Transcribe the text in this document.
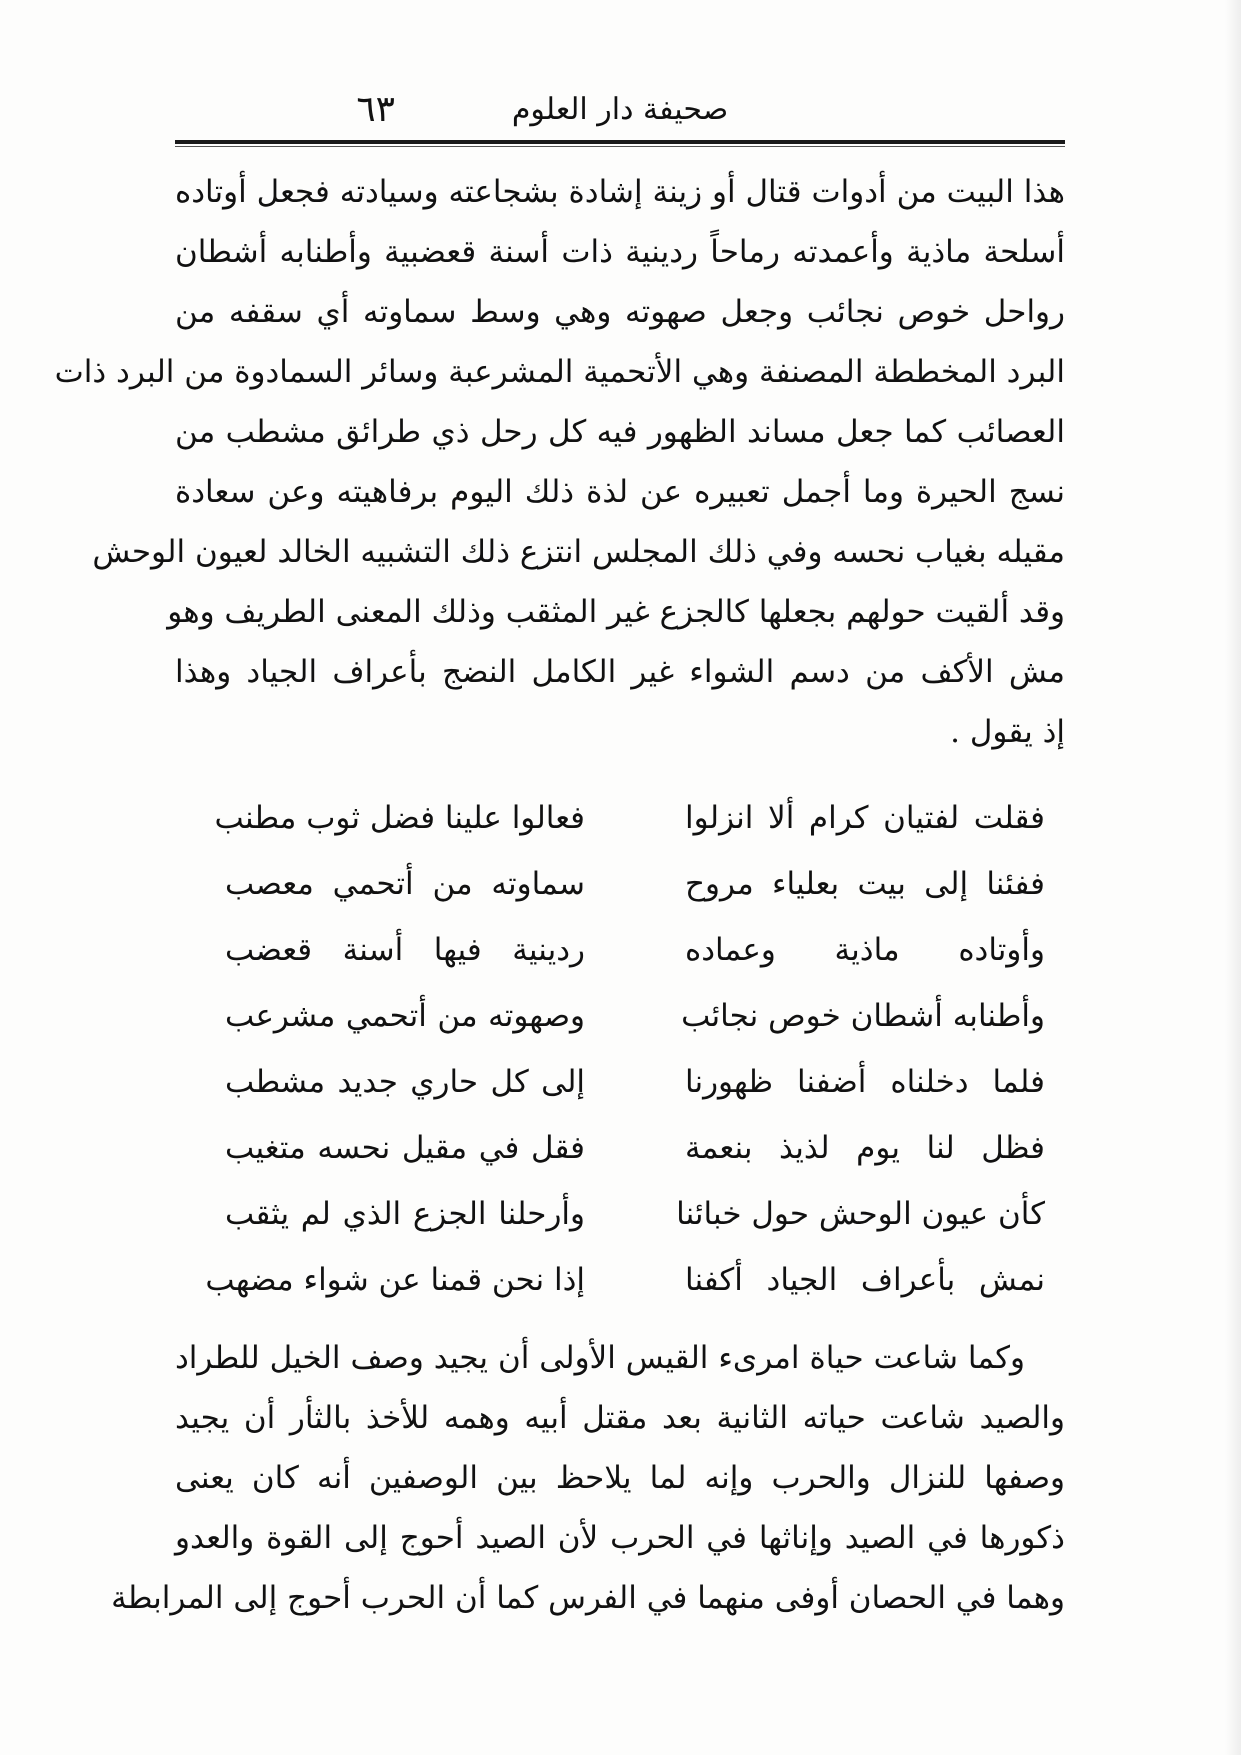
صحيفة دار العلوم
٦٣
هذا البيت من أدوات قتال أو زينة إشادة بشجاعته وسيادته فجعل أوتاده
أسلحة ماذية وأعمدته رماحاً ردينية ذات أسنة قعضبية وأطنابه أشطان
رواحل خوص نجائب وجعل صهوته وهي وسط سماوته أي سقفه من
البرد المخططة المصنفة وهي الأتحمية المشرعبة وسائر السمادوة من البرد ذات
العصائب كما جعل مساند الظهور فيه كل رحل ذي طرائق مشطب من
نسج الحيرة وما أجمل تعبيره عن لذة ذلك اليوم برفاهيته وعن سعادة
مقيله بغياب نحسه وفي ذلك المجلس انتزع ذلك التشبيه الخالد لعيون الوحش
وقد ألقيت حولهم بجعلها كالجزع غير المثقب وذلك المعنى الطريف وهو
مش الأكف من دسم الشواء غير الكامل النضج بأعراف الجياد وهذا
إذ يقول .
فقلت لفتيان كرام ألا انزلوا
فعالوا علينا فضل ثوب مطنب
ففئنا إلى بيت بعلياء مروح
سماوته من أتحمي معصب
وأوتاده ماذية وعماده
ردينية فيها أسنة قعضب
وأطنابه أشطان خوص نجائب
وصهوته من أتحمي مشرعب
فلما دخلناه أضفنا ظهورنا
إلى كل حاري جديد مشطب
فظل لنا يوم لذيذ بنعمة
فقل في مقيل نحسه متغيب
كأن عيون الوحش حول خبائنا
وأرحلنا الجزع الذي لم يثقب
نمش بأعراف الجياد أكفنا
إذا نحن قمنا عن شواء مضهب
وكما شاعت حياة امرىء القيس الأولى أن يجيد وصف الخيل للطراد
والصيد شاعت حياته الثانية بعد مقتل أبيه وهمه للأخذ بالثأر أن يجيد
وصفها للنزال والحرب وإنه لما يلاحظ بين الوصفين أنه كان يعنى
ذكورها في الصيد وإناثها في الحرب لأن الصيد أحوج إلى القوة والعدو
وهما في الحصان أوفى منهما في الفرس كما أن الحرب أحوج إلى المرابطة
